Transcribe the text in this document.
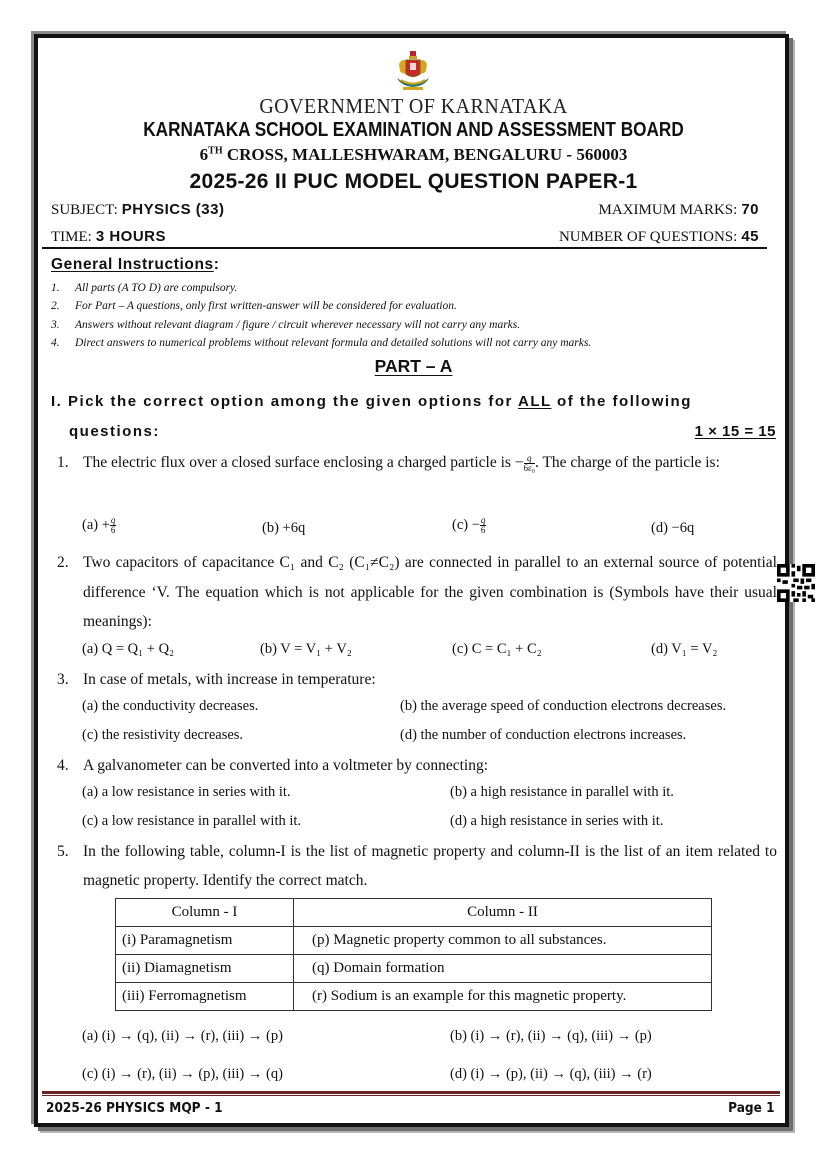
GOVERNMENT OF KARNATAKA
KARNATAKA SCHOOL EXAMINATION AND ASSESSMENT BOARD
6TH CROSS, MALLESHWARAM, BENGALURU - 560003
2025-26 II PUC MODEL QUESTION PAPER-1
SUBJECT: PHYSICS (33)	MAXIMUM MARKS: 70
TIME: 3 HOURS	NUMBER OF QUESTIONS: 45
General Instructions:
1. All parts (A TO D) are compulsory.
2. For Part – A questions, only first written-answer will be considered for evaluation.
3. Answers without relevant diagram / figure / circuit wherever necessary will not carry any marks.
4. Direct answers to numerical problems without relevant formula and detailed solutions will not carry any marks.
PART – A
I. Pick the correct option among the given options for ALL of the following
questions:	1 × 15 = 15
1. The electric flux over a closed surface enclosing a charged particle is − $\frac{q}{\text{6ε₀}}$ . The charge of the particle is:
$(a) + \frac{q}{6}$	(b) +6q	$(c) - \frac{q}{6}$	(d) −6q
2. Two capacitors of capacitance C₁ and C₂ (C₁≠C₂) are connected in parallel to an external source of potential difference ‘V. The equation which is not applicable for the given combination is (Symbols have their usual meanings):
(a) Q = Q₁ + Q₂	(b) V = V₁ + V₂	(c) C = C₁ + C₂	(d) V₁ = V₂
3. In case of metals, with increase in temperature:
(a) the conductivity decreases.	(b) the average speed of conduction electrons decreases.
(c) the resistivity decreases.	(d) the number of conduction electrons increases.
4. A galvanometer can be converted into a voltmeter by connecting:
(a) a low resistance in series with it.	(b) a high resistance in parallel with it.
(c) a low resistance in parallel with it.	(d) a high resistance in series with it.
5. In the following table, column-I is the list of magnetic property and column-II is the list of an item related to magnetic property. Identify the correct match.
Column - I	Column - II
(i) Paramagnetism	(p) Magnetic property common to all substances.
(ii) Diamagnetism	(q) Domain formation
(iii) Ferromagnetism	(r) Sodium is an example for this magnetic property.
(a) (i) → (q), (ii) → (r), (iii) → (p)	(b) (i) → (r), (ii) → (q), (iii) → (p)
(c) (i) → (r), (ii) → (p), (iii) → (q)	(d) (i) → (p), (ii) → (q), (iii) → (r)
2025-26 PHYSICS MQP - 1	Page 1
